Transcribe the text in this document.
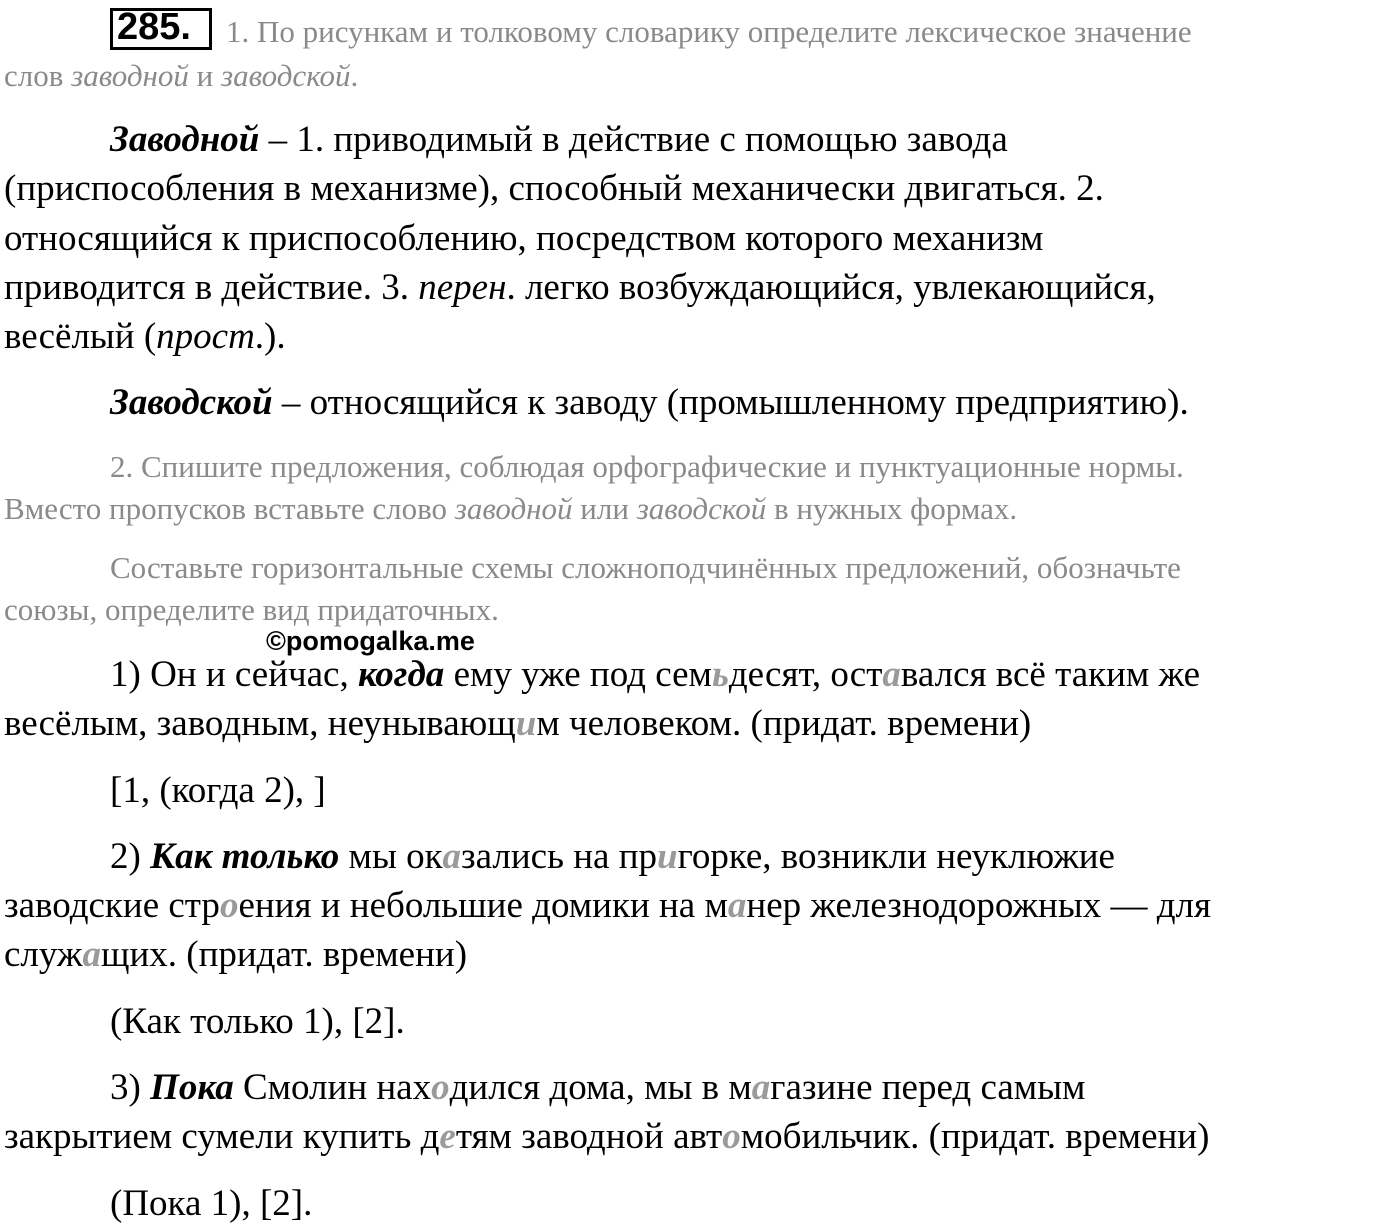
285. 1. По рисункам и толковому словарику определите лексическое значение
слов заводной и заводской.
Заводной – 1. приводимый в действие с помощью завода
(приспособления в механизме), способный механически двигаться. 2.
относящийся к приспособлению, посредством которого механизм
приводится в действие. 3. перен. легко возбуждающийся, увлекающийся,
весёлый (прост.).
Заводской – относящийся к заводу (промышленному предприятию).
2. Спишите предложения, соблюдая орфографические и пунктуационные нормы.
Вместо пропусков вставьте слово заводной или заводской в нужных формах.
Составьте горизонтальные схемы сложноподчинённых предложений, обозначьте
союзы, определите вид придаточных.
©pomogalka.me
1) Он и сейчас, когда ему уже под семьдесят, оставался всё таким же
весёлым, заводным, неунывающим человеком. (придат. времени)
[1, (когда 2), ]
2) Как только мы оказались на пригорке, возникли неуклюжие
заводские строения и небольшие домики на манер железнодорожных — для
служащих. (придат. времени)
(Как только 1), [2].
3) Пока Смолин находился дома, мы в магазине перед самым
закрытием сумели купить детям заводной автомобильчик. (придат. времени)
(Пока 1), [2].
